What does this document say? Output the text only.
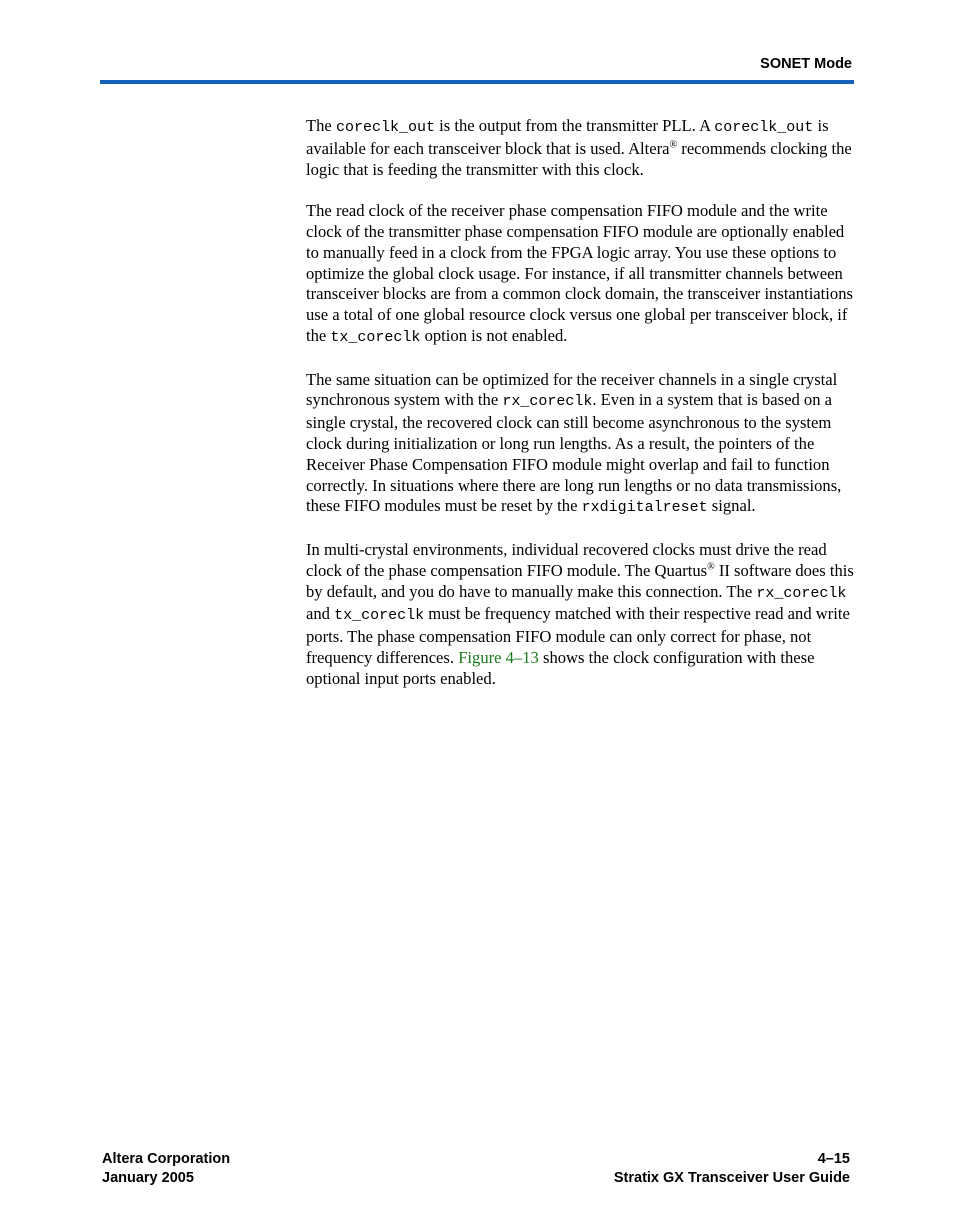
SONET Mode

The coreclk_out is the output from the transmitter PLL. A coreclk_out is available for each transceiver block that is used. Altera® recommends clocking the logic that is feeding the transmitter with this clock.

The read clock of the receiver phase compensation FIFO module and the write clock of the transmitter phase compensation FIFO module are optionally enabled to manually feed in a clock from the FPGA logic array. You use these options to optimize the global clock usage. For instance, if all transmitter channels between transceiver blocks are from a common clock domain, the transceiver instantiations use a total of one global resource clock versus one global per transceiver block, if the tx_coreclk option is not enabled.

The same situation can be optimized for the receiver channels in a single crystal synchronous system with the rx_coreclk. Even in a system that is based on a single crystal, the recovered clock can still become asynchronous to the system clock during initialization or long run lengths. As a result, the pointers of the Receiver Phase Compensation FIFO module might overlap and fail to function correctly. In situations where there are long run lengths or no data transmissions, these FIFO modules must be reset by the rxdigitalreset signal.

In multi-crystal environments, individual recovered clocks must drive the read clock of the phase compensation FIFO module. The Quartus® II software does this by default, and you do have to manually make this connection. The rx_coreclk and tx_coreclk must be frequency matched with their respective read and write ports. The phase compensation FIFO module can only correct for phase, not frequency differences. Figure 4–13 shows the clock configuration with these optional input ports enabled.

Altera Corporation
January 2005
4–15
Stratix GX Transceiver User Guide
